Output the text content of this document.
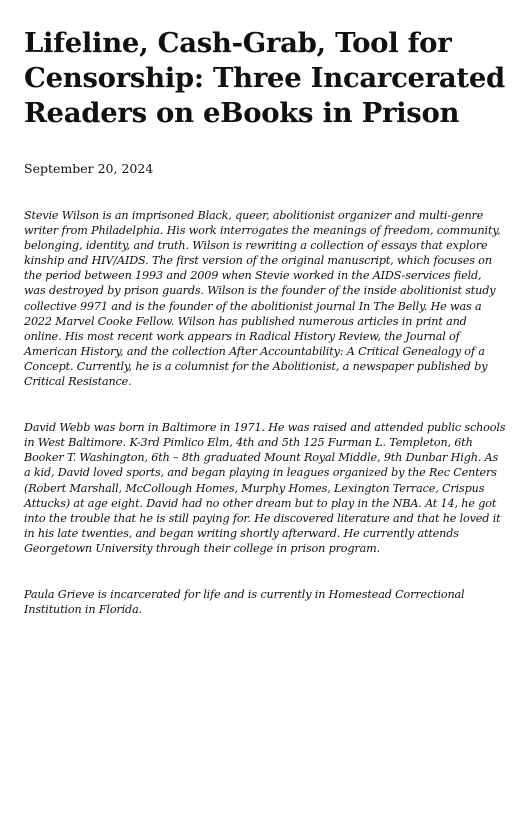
Lifeline, Cash-Grab, Tool for Censorship: Three Incarcerated Readers on eBooks in Prison

September 20, 2024

Stevie Wilson is an imprisoned Black, queer, abolitionist organizer and multi-genre writer from Philadelphia. His work interrogates the meanings of freedom, community, belonging, identity, and truth. Wilson is rewriting a collection of essays that explore kinship and HIV/AIDS. The first version of the original manuscript, which focuses on the period between 1993 and 2009 when Stevie worked in the AIDS-services field, was destroyed by prison guards. Wilson is the founder of the inside abolitionist study collective 9971 and is the founder of the abolitionist journal In The Belly. He was a 2022 Marvel Cooke Fellow. Wilson has published numerous articles in print and online. His most recent work appears in Radical History Review, the Journal of American History, and the collection After Accountability: A Critical Genealogy of a Concept. Currently, he is a columnist for the Abolitionist, a newspaper published by Critical Resistance.

David Webb was born in Baltimore in 1971. He was raised and attended public schools in West Baltimore. K-3rd Pimlico Elm, 4th and 5th 125 Furman L. Templeton, 6th Booker T. Washington, 6th – 8th graduated Mount Royal Middle, 9th Dunbar High. As a kid, David loved sports, and began playing in leagues organized by the Rec Centers (Robert Marshall, McCollough Homes, Murphy Homes, Lexington Terrace, Crispus Attucks) at age eight. David had no other dream but to play in the NBA. At 14, he got into the trouble that he is still paying for. He discovered literature and that he loved it in his late twenties, and began writing shortly afterward. He currently attends Georgetown University through their college in prison program.

Paula Grieve is incarcerated for life and is currently in Homestead Correctional Institution in Florida.
